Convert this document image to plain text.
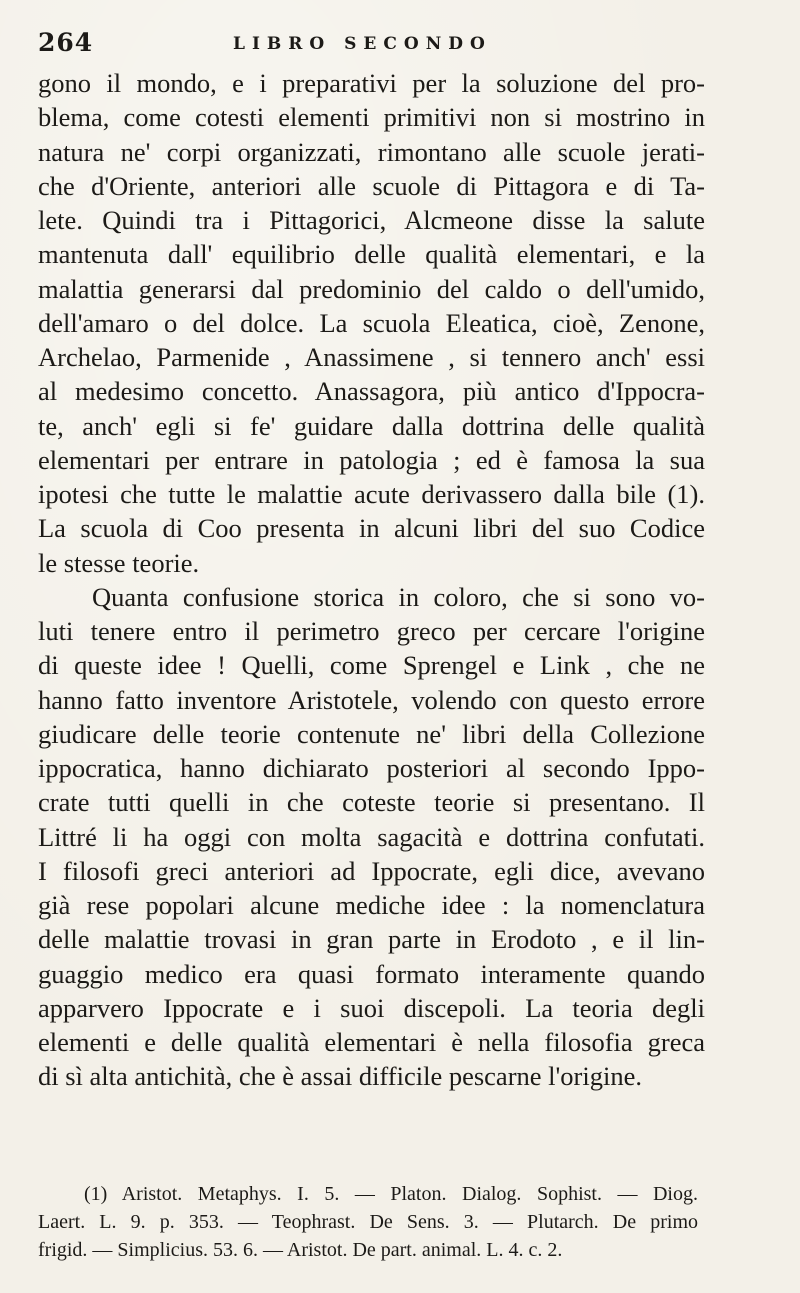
264	LIBRO SECONDO
gono il mondo, e i preparativi per la soluzione del pro-
blema, come cotesti elementi primitivi non si mostrino in
natura ne' corpi organizzati, rimontano alle scuole jerati-
che d'Oriente, anteriori alle scuole di Pittagora e di Ta-
lete. Quindi tra i Pittagorici, Alcmeone disse la salute
mantenuta dall' equilibrio delle qualità elementari, e la
malattia generarsi dal predominio del caldo o dell'umido,
dell'amaro o del dolce. La scuola Eleatica, cioè, Zenone,
Archelao, Parmenide , Anassimene , si tennero anch' essi
al medesimo concetto. Anassagora, più antico d'Ippocra-
te, anch' egli si fe' guidare dalla dottrina delle qualità
elementari per entrare in patologia ; ed è famosa la sua
ipotesi che tutte le malattie acute derivassero dalla bile (1).
La scuola di Coo presenta in alcuni libri del suo Codice
le stesse teorie.
Quanta confusione storica in coloro, che si sono vo-
luti tenere entro il perimetro greco per cercare l'origine
di queste idee ! Quelli, come Sprengel e Link , che ne
hanno fatto inventore Aristotele, volendo con questo errore
giudicare delle teorie contenute ne' libri della Collezione
ippocratica, hanno dichiarato posteriori al secondo Ippo-
crate tutti quelli in che coteste teorie si presentano. Il
Littré li ha oggi con molta sagacità e dottrina confutati.
I filosofi greci anteriori ad Ippocrate, egli dice, avevano
già rese popolari alcune mediche idee : la nomenclatura
delle malattie trovasi in gran parte in Erodoto , e il lin-
guaggio medico era quasi formato interamente quando
apparvero Ippocrate e i suoi discepoli. La teoria degli
elementi e delle qualità elementari è nella filosofia greca
di sì alta antichità, che è assai difficile pescarne l'origine.
(1) Aristot. Metaphys. I. 5. — Platon. Dialog. Sophist. — Diog.
Laert. L. 9. p. 353. — Teophrast. De Sens. 3. — Plutarch. De primo
frigid. — Simplicius. 53. 6. — Aristot. De part. animal. L. 4. c. 2.
